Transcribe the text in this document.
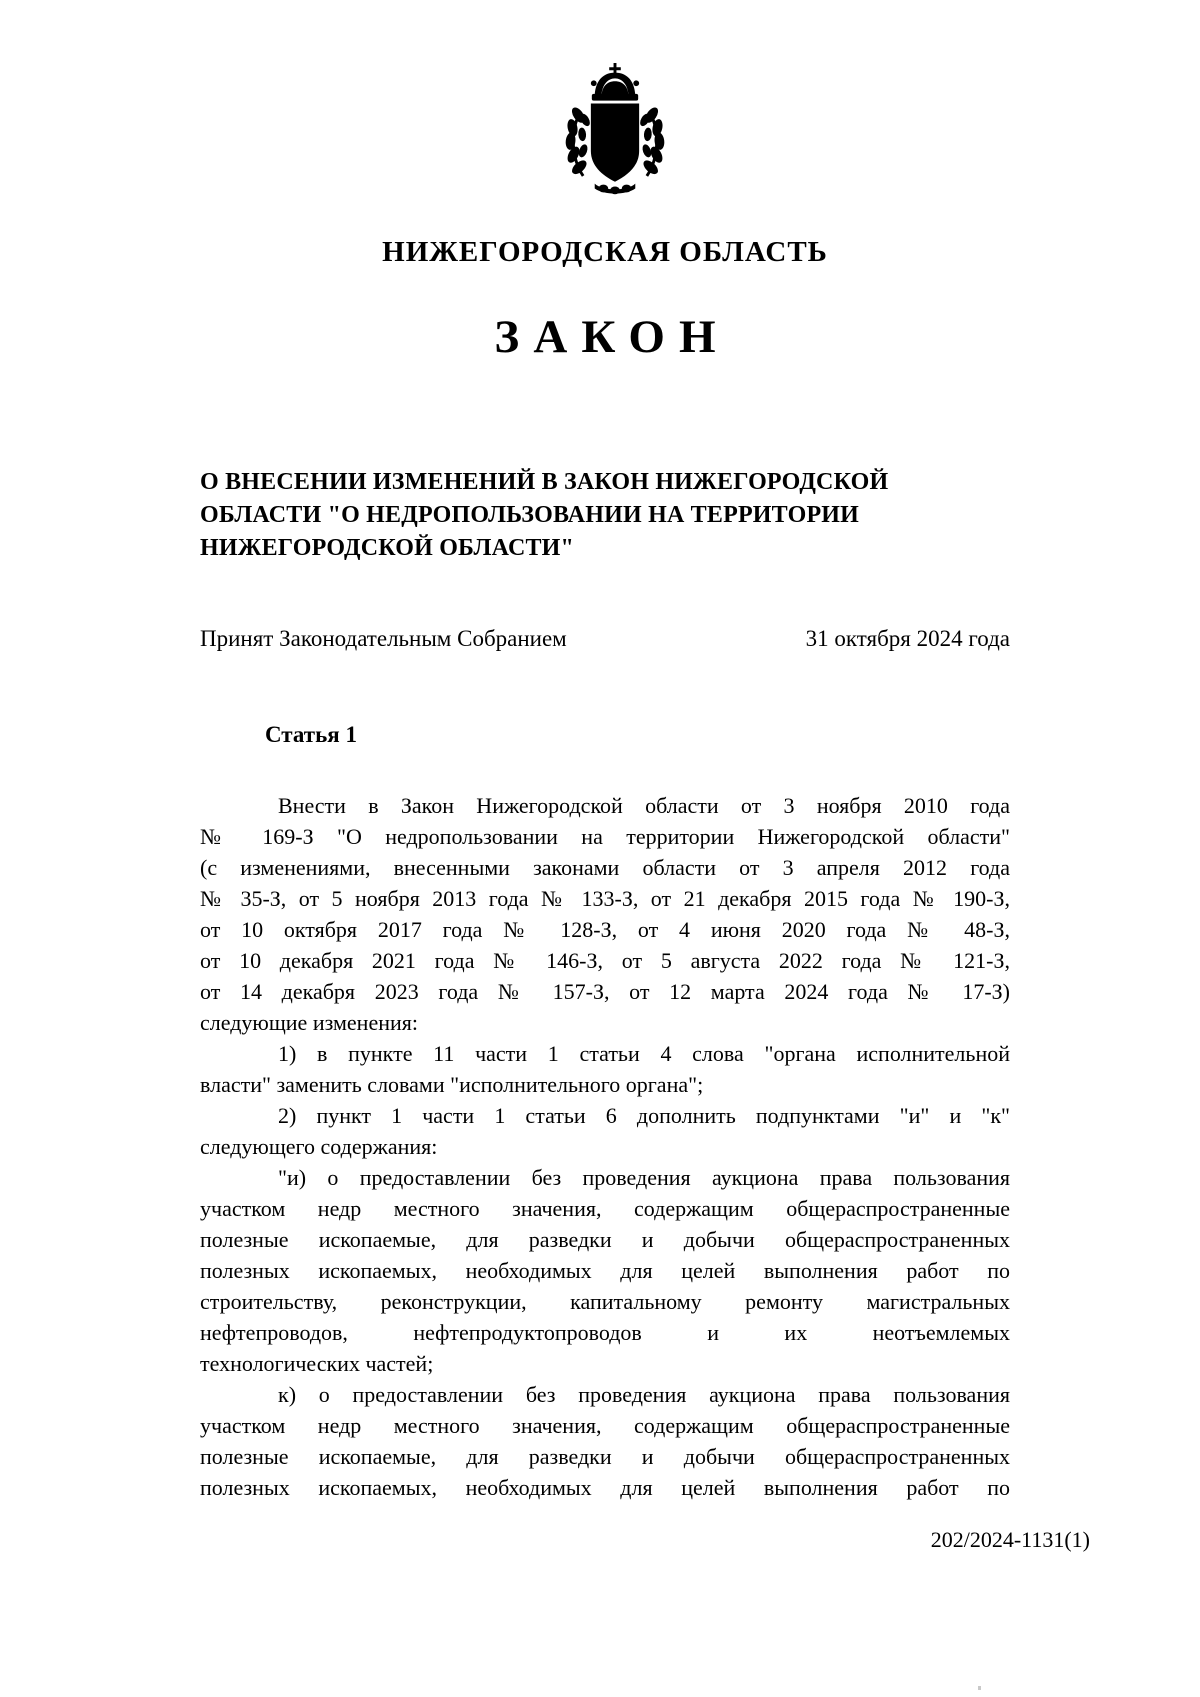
НИЖЕГОРОДСКАЯ ОБЛАСТЬ
ЗАКОН
О ВНЕСЕНИИ ИЗМЕНЕНИЙ В ЗАКОН НИЖЕГОРОДСКОЙ
ОБЛАСТИ "О НЕДРОПОЛЬЗОВАНИИ НА ТЕРРИТОРИИ
НИЖЕГОРОДСКОЙ ОБЛАСТИ"
Принят Законодательным Собранием	31 октября 2024 года
Статья 1
Внести в Закон Нижегородской области от 3 ноября 2010 года
№ 169-З "О недропользовании на территории Нижегородской области"
(с изменениями, внесенными законами области от 3 апреля 2012 года
№ 35-З, от 5 ноября 2013 года № 133-З, от 21 декабря 2015 года № 190-З,
от 10 октября 2017 года № 128-З, от 4 июня 2020 года № 48-З,
от 10 декабря 2021 года № 146-З, от 5 августа 2022 года № 121-З,
от 14 декабря 2023 года № 157-З, от 12 марта 2024 года № 17-З)
следующие изменения:
1) в пункте 11 части 1 статьи 4 слова "органа исполнительной
власти" заменить словами "исполнительного органа";
2) пункт 1 части 1 статьи 6 дополнить подпунктами "и" и "к"
следующего содержания:
"и) о предоставлении без проведения аукциона права пользования
участком недр местного значения, содержащим общераспространенные
полезные ископаемые, для разведки и добычи общераспространенных
полезных ископаемых, необходимых для целей выполнения работ по
строительству, реконструкции, капитальному ремонту магистральных
нефтепроводов, нефтепродуктопроводов и их неотъемлемых
технологических частей;
к) о предоставлении без проведения аукциона права пользования
участком недр местного значения, содержащим общераспространенные
полезные ископаемые, для разведки и добычи общераспространенных
полезных ископаемых, необходимых для целей выполнения работ по
202/2024-1131(1)
